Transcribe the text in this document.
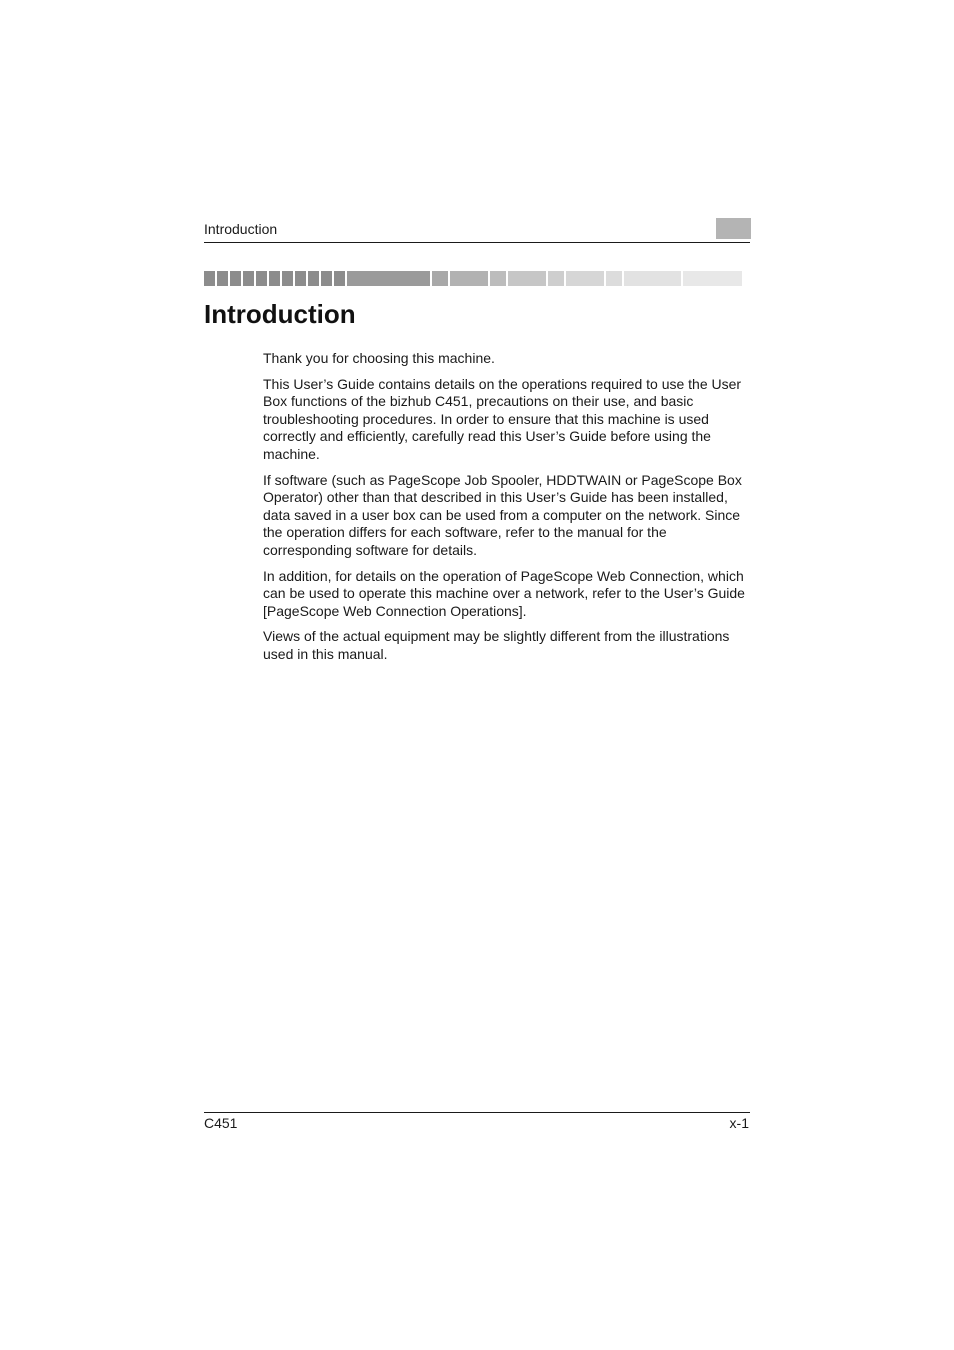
Introduction
Introduction

Thank you for choosing this machine.

This User’s Guide contains details on the operations required to use the User Box functions of the bizhub C451, precautions on their use, and basic troubleshooting procedures. In order to ensure that this machine is used correctly and efficiently, carefully read this User’s Guide before using the machine.

If software (such as PageScope Job Spooler, HDDTWAIN or PageScope Box Operator) other than that described in this User’s Guide has been installed, data saved in a user box can be used from a computer on the network. Since the operation differs for each software, refer to the manual for the corresponding software for details.

In addition, for details on the operation of PageScope Web Connection, which can be used to operate this machine over a network, refer to the User’s Guide [PageScope Web Connection Operations].

Views of the actual equipment may be slightly different from the illustrations used in this manual.

C451	x-1
